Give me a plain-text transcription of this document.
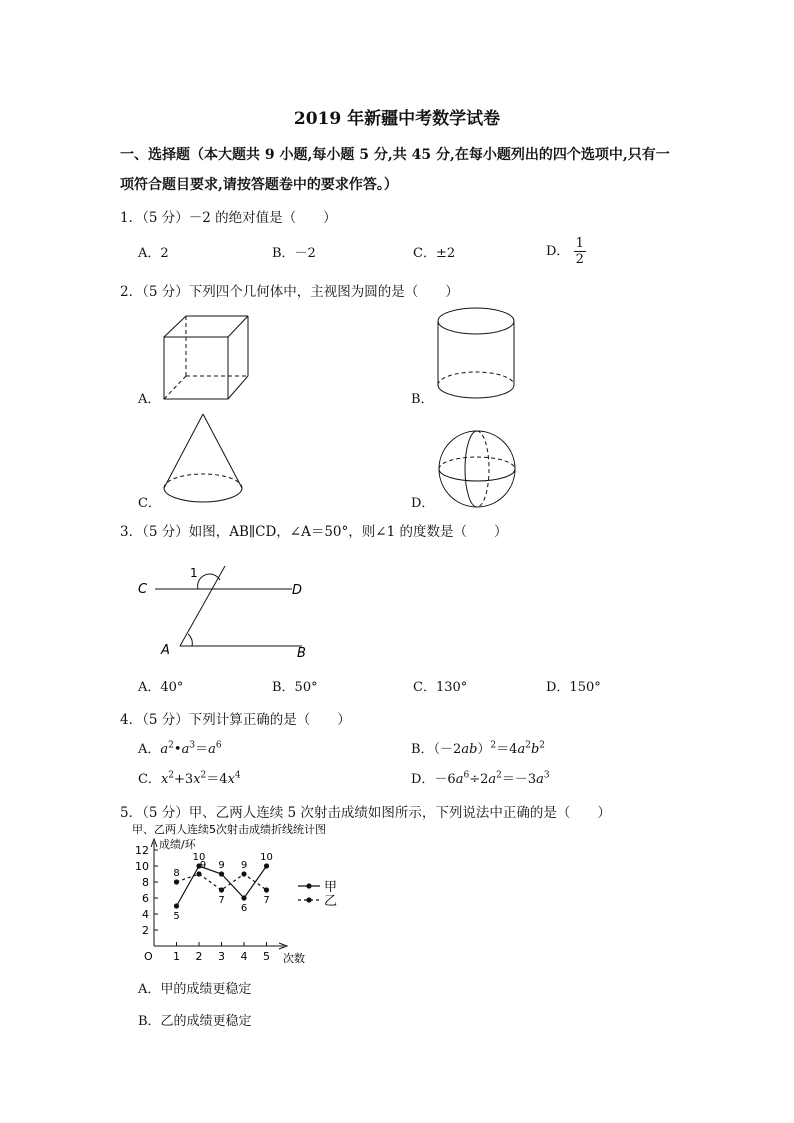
2019 年新疆中考数学试卷
一、选择题（本大题共 9 小题,每小题 5 分,共 45 分,在每小题列出的四个选项中,只有一项符合题目要求,请按答题卷中的要求作答。）
1．（5 分）－2 的绝对值是（　　）
A．2	B．－2	C．±2	D． $\frac{1}{2}$
2．（5 分）下列四个几何体中，主视图为圆的是（　　）
A．	B．
C．	D．
3．（5 分）如图，AB∥CD，∠A＝50°，则∠1 的度数是（　　）
C	D
A	B
1
A．40°	B．50°	C．130°	D．150°
4．（5 分）下列计算正确的是（　　）
A．$a^2•a^3=a^6$	B．$(-2ab)^2=4a^2b^2$
C．$x^2+3x^2=4x^4$	D．$-6a^6\div 2a^2=-3a^3$
5．（5 分）甲、乙两人连续 5 次射击成绩如图所示，下列说法中正确的是（　　）
甲、乙两人连续5次射击成绩折线统计图
成绩/环
次数
O
2
4
6
8
10
12
1 2 3 4 5
5
10
9
6
10
甲
8
9
7
9
7	乙
A．甲的成绩更稳定
B．乙的成绩更稳定
